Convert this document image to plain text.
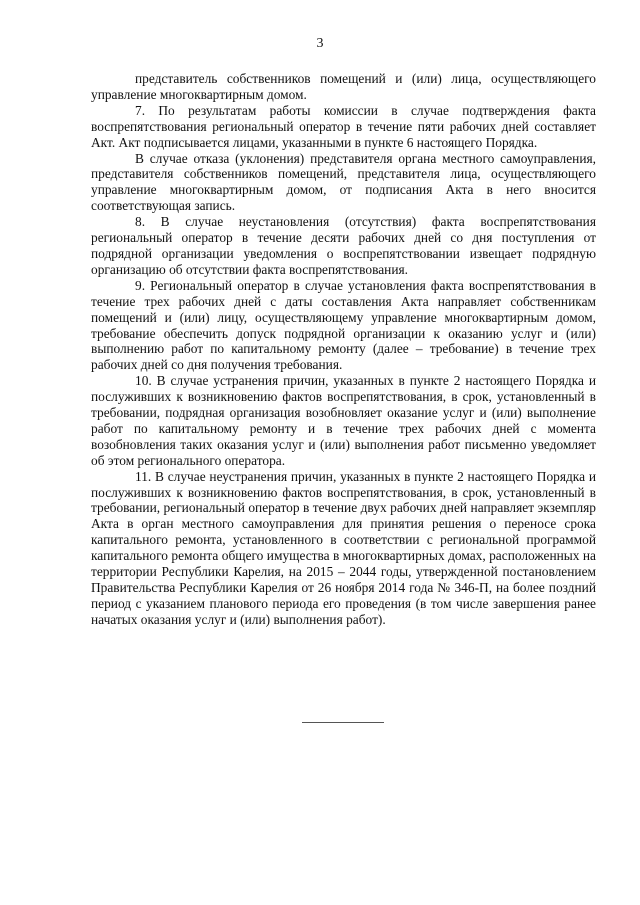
3

представитель собственников помещений и (или) лица, осуществляющего управление многоквартирным домом.

7. По результатам работы комиссии в случае подтверждения факта воспрепятствования региональный оператор в течение пяти рабочих дней составляет Акт. Акт подписывается лицами, указанными в пункте 6 настоящего Порядка.

В случае отказа (уклонения) представителя органа местного самоуправления, представителя собственников помещений, представителя лица, осуществляющего управление многоквартирным домом, от подписания Акта в него вносится соответствующая запись.

8. В случае неустановления (отсутствия) факта воспрепятствования региональный оператор в течение десяти рабочих дней со дня поступления от подрядной организации уведомления о воспрепятствовании извещает подрядную организацию об отсутствии факта воспрепятствования.

9. Региональный оператор в случае установления факта воспрепятствования в течение трех рабочих дней с даты составления Акта направляет собственникам помещений и (или) лицу, осуществляющему управление многоквартирным домом, требование обеспечить допуск подрядной организации к оказанию услуг и (или) выполнению работ по капитальному ремонту (далее – требование) в течение трех рабочих дней со дня получения требования.

10. В случае устранения причин, указанных в пункте 2 настоящего Порядка и послуживших к возникновению фактов воспрепятствования, в срок, установленный в требовании, подрядная организация возобновляет оказание услуг и (или) выполнение работ по капитальному ремонту и в течение трех рабочих дней с момента возобновления таких оказания услуг и (или) выполнения работ письменно уведомляет об этом регионального оператора.

11. В случае неустранения причин, указанных в пункте 2 настоящего Порядка и послуживших к возникновению фактов воспрепятствования, в срок, установленный в требовании, региональный оператор в течение двух рабочих дней направляет экземпляр Акта в орган местного самоуправления для принятия решения о переносе срока капитального ремонта, установленного в соответствии с региональной программой капитального ремонта общего имущества в многоквартирных домах, расположенных на территории Республики Карелия, на 2015 – 2044 годы, утвержденной постановлением Правительства Республики Карелия от 26 ноября 2014 года № 346-П, на более поздний период с указанием планового периода его проведения (в том числе завершения ранее начатых оказания услуг и (или) выполнения работ).
